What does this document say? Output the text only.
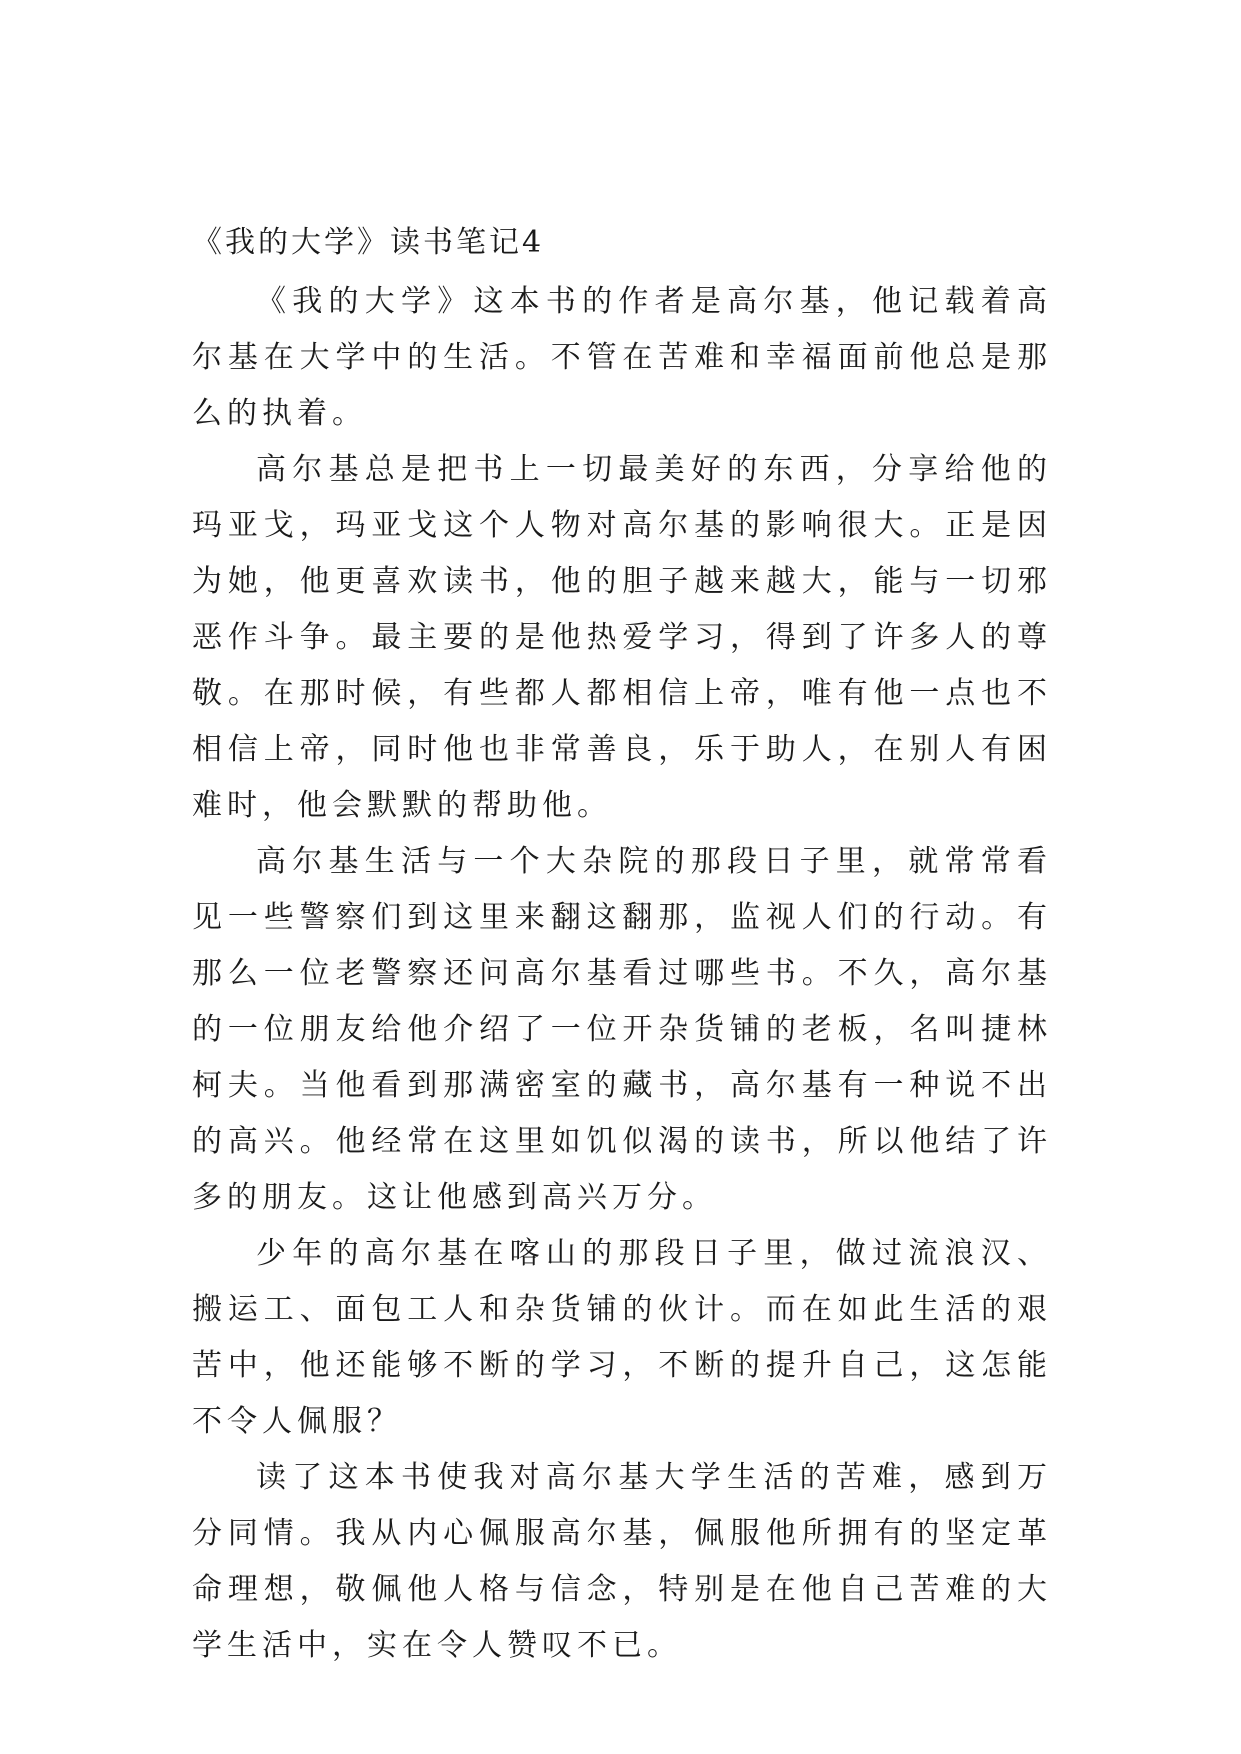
《我的大学》读书笔记4

《我的大学》这本书的作者是高尔基，他记载着高尔基在大学中的生活。不管在苦难和幸福面前他总是那么的执着。

高尔基总是把书上一切最美好的东西，分享给他的玛亚戈，玛亚戈这个人物对高尔基的影响很大。正是因为她，他更喜欢读书，他的胆子越来越大，能与一切邪恶作斗争。最主要的是他热爱学习，得到了许多人的尊敬。在那时候，有些都人都相信上帝，唯有他一点也不相信上帝，同时他也非常善良，乐于助人，在别人有困难时，他会默默的帮助他。

高尔基生活与一个大杂院的那段日子里，就常常看见一些警察们到这里来翻这翻那，监视人们的行动。有那么一位老警察还问高尔基看过哪些书。不久，高尔基的一位朋友给他介绍了一位开杂货铺的老板，名叫捷林柯夫。当他看到那满密室的藏书，高尔基有一种说不出的高兴。他经常在这里如饥似渴的读书，所以他结了许多的朋友。这让他感到高兴万分。

少年的高尔基在喀山的那段日子里，做过流浪汉、搬运工、面包工人和杂货铺的伙计。而在如此生活的艰苦中，他还能够不断的学习，不断的提升自己，这怎能不令人佩服？

读了这本书使我对高尔基大学生活的苦难，感到万分同情。我从内心佩服高尔基，佩服他所拥有的坚定革命理想，敬佩他人格与信念，特别是在他自己苦难的大学生活中，实在令人赞叹不已。
